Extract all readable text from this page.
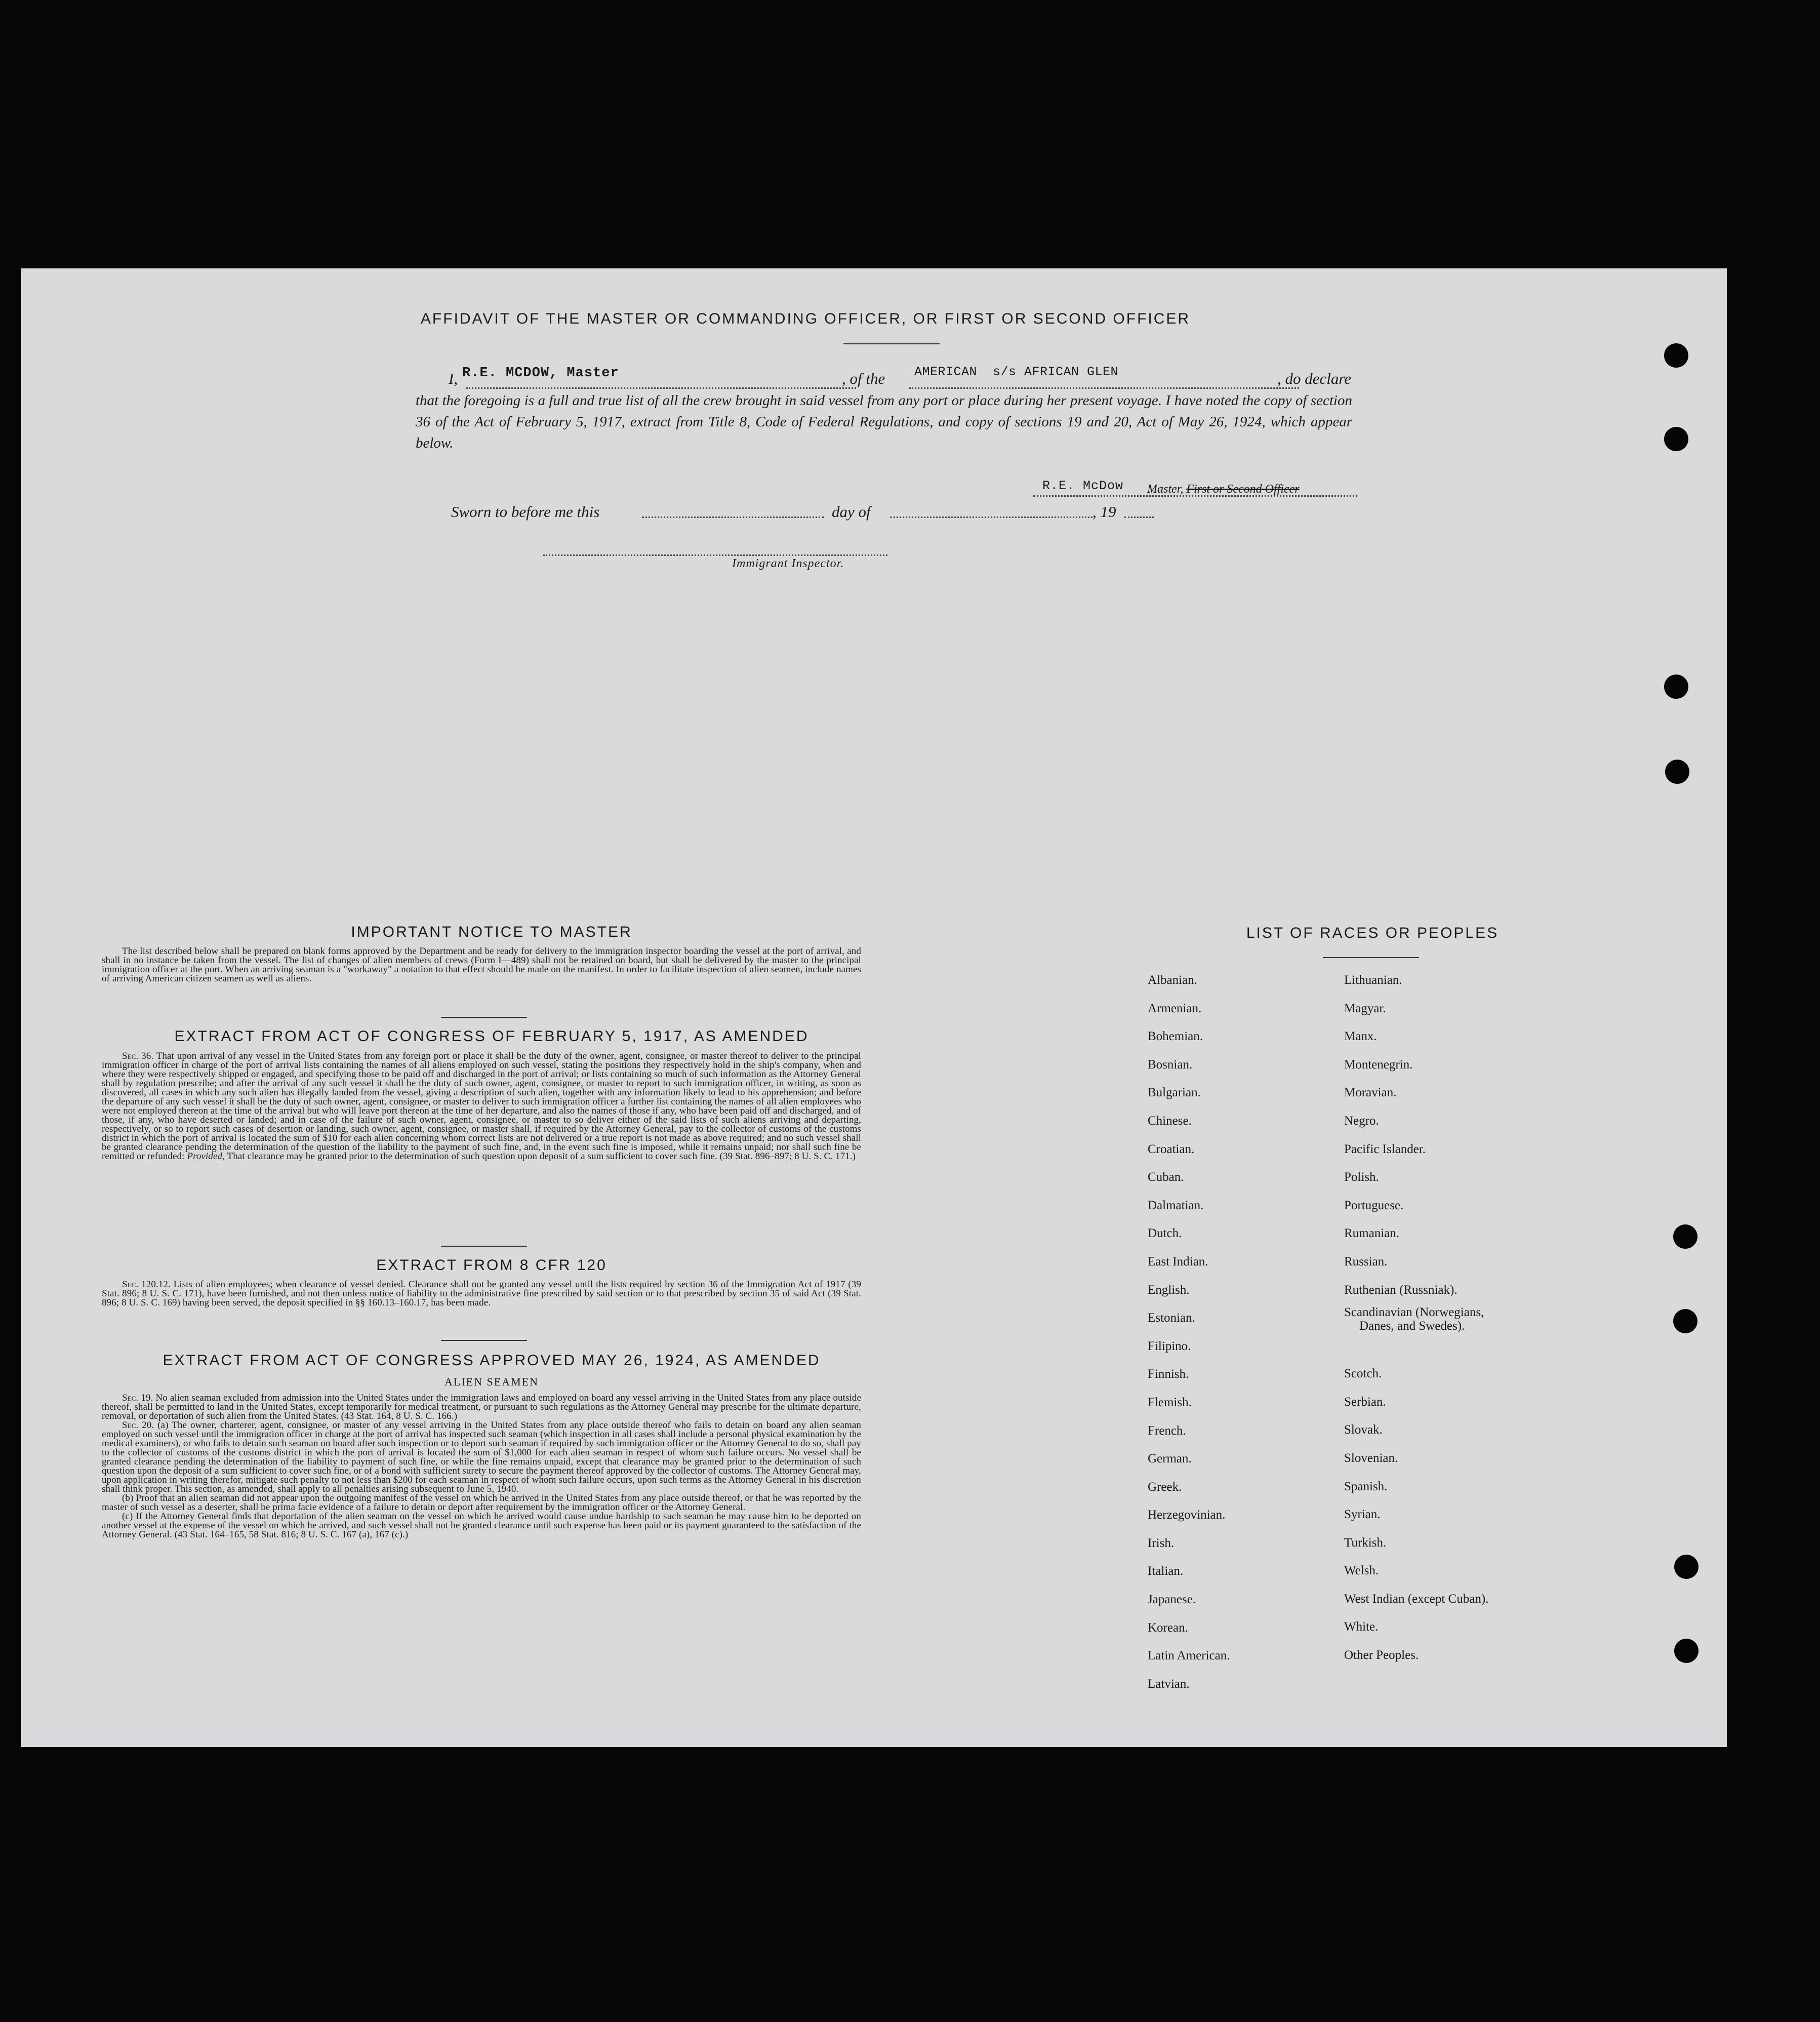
AFFIDAVIT OF THE MASTER OR COMMANDING OFFICER, OR FIRST OR SECOND OFFICER
I, R.E. MCDOW, Master	, of the AMERICAN  s/s AFRICAN GLEN	, do declare
that the foregoing is a full and true list of all the crew brought in said vessel from any port or place during her present voyage. I have noted the copy of section 36 of the Act of February 5, 1917, extract from Title 8, Code of Federal Regulations, and copy of sections 19 and 20, Act of May 26, 1924, which appear below.
R.E. McDow Master, First or Second Officer
Sworn to before me this	day of	, 19
Immigrant Inspector.
IMPORTANT NOTICE TO MASTER

The list described below shall be prepared on blank forms approved by the Department and be ready for delivery to the immigration inspector boarding the vessel at the port of arrival, and shall in no instance be taken from the vessel. The list of changes of alien members of crews (Form I—489) shall not be retained on board, but shall be delivered by the master to the principal immigration officer at the port. When an arriving seaman is a "workaway" a notation to that effect should be made on the manifest. In order to facilitate inspection of alien seamen, include names of arriving American citizen seamen as well as aliens.

EXTRACT FROM ACT OF CONGRESS OF FEBRUARY 5, 1917, AS AMENDED

Sec. 36. That upon arrival of any vessel in the United States from any foreign port or place it shall be the duty of the owner, agent, consignee, or master thereof to deliver to the principal immigration officer in charge of the port of arrival lists containing the names of all aliens employed on such vessel, stating the positions they respectively hold in the ship's company, when and where they were respectively shipped or engaged, and specifying those to be paid off and discharged in the port of arrival; or lists containing so much of such information as the Attorney General shall by regulation prescribe; and after the arrival of any such vessel it shall be the duty of such owner, agent, consignee, or master to report to such immigration officer, in writing, as soon as discovered, all cases in which any such alien has illegally landed from the vessel, giving a description of such alien, together with any information likely to lead to his apprehension; and before the departure of any such vessel it shall be the duty of such owner, agent, consignee, or master to deliver to such immigration officer a further list containing the names of all alien employees who were not employed thereon at the time of the arrival but who will leave port thereon at the time of her departure, and also the names of those if any, who have been paid off and discharged, and of those, if any, who have deserted or landed; and in case of the failure of such owner, agent, consignee, or master to so deliver either of the said lists of such aliens arriving and departing, respectively, or so to report such cases of desertion or landing, such owner, agent, consignee, or master shall, if required by the Attorney General, pay to the collector of customs of the customs district in which the port of arrival is located the sum of $10 for each alien concerning whom correct lists are not delivered or a true report is not made as above required; and no such vessel shall be granted clearance pending the determination of the question of the liability to the payment of such fine, and, in the event such fine is imposed, while it remains unpaid; nor shall such fine be remitted or refunded: Provided, That clearance may be granted prior to the determination of such question upon deposit of a sum sufficient to cover such fine. (39 Stat. 896–897; 8 U. S. C. 171.)

EXTRACT FROM 8 CFR 120

Sec. 120.12. Lists of alien employees; when clearance of vessel denied. Clearance shall not be granted any vessel until the lists required by section 36 of the Immigration Act of 1917 (39 Stat. 896; 8 U. S. C. 171), have been furnished, and not then unless notice of liability to the administrative fine prescribed by said section or to that prescribed by section 35 of said Act (39 Stat. 896; 8 U. S. C. 169) having been served, the deposit specified in §§ 160.13–160.17, has been made.

EXTRACT FROM ACT OF CONGRESS APPROVED MAY 26, 1924, AS AMENDED
ALIEN SEAMEN

Sec. 19. No alien seaman excluded from admission into the United States under the immigration laws and employed on board any vessel arriving in the United States from any place outside thereof, shall be permitted to land in the United States, except temporarily for medical treatment, or pursuant to such regulations as the Attorney General may prescribe for the ultimate departure, removal, or deportation of such alien from the United States. (43 Stat. 164, 8 U. S. C. 166.)

Sec. 20. (a) The owner, charterer, agent, consignee, or master of any vessel arriving in the United States from any place outside thereof who fails to detain on board any alien seaman employed on such vessel until the immigration officer in charge at the port of arrival has inspected such seaman (which inspection in all cases shall include a personal physical examination by the medical examiners), or who fails to detain such seaman on board after such inspection or to deport such seaman if required by such immigration officer or the Attorney General to do so, shall pay to the collector of customs of the customs district in which the port of arrival is located the sum of $1,000 for each alien seaman in respect of whom such failure occurs. No vessel shall be granted clearance pending the determination of the liability to payment of such fine, or while the fine remains unpaid, except that clearance may be granted prior to the determination of such question upon the deposit of a sum sufficient to cover such fine, or of a bond with sufficient surety to secure the payment thereof approved by the collector of customs. The Attorney General may, upon application in writing therefor, mitigate such penalty to not less than $200 for each seaman in respect of whom such failure occurs, upon such terms as the Attorney General in his discretion shall think proper. This section, as amended, shall apply to all penalties arising subsequent to June 5, 1940.

(b) Proof that an alien seaman did not appear upon the outgoing manifest of the vessel on which he arrived in the United States from any place outside thereof, or that he was reported by the master of such vessel as a deserter, shall be prima facie evidence of a failure to detain or deport after requirement by the immigration officer or the Attorney General.

(c) If the Attorney General finds that deportation of the alien seaman on the vessel on which he arrived would cause undue hardship to such seaman he may cause him to be deported on another vessel at the expense of the vessel on which he arrived, and such vessel shall not be granted clearance until such expense has been paid or its payment guaranteed to the satisfaction of the Attorney General. (43 Stat. 164–165, 58 Stat. 816; 8 U. S. C. 167 (a), 167 (c).)

LIST OF RACES OR PEOPLES
Albanian.
Armenian.
Bohemian.
Bosnian.
Bulgarian.
Chinese.
Croatian.
Cuban.
Dalmatian.
Dutch.
East Indian.
English.
Estonian.
Filipino.
Finnish.
Flemish.
French.
German.
Greek.
Herzegovinian.
Irish.
Italian.
Japanese.
Korean.
Latin American.
Latvian.
Lithuanian.
Magyar.
Manx.
Montenegrin.
Moravian.
Negro.
Pacific Islander.
Polish.
Portuguese.
Rumanian.
Russian.
Ruthenian (Russniak).
Scandinavian (Norwegians,
Danes, and Swedes).
Scotch.
Serbian.
Slovak.
Slovenian.
Spanish.
Syrian.
Turkish.
Welsh.
West Indian (except Cuban).
White.
Other Peoples.
